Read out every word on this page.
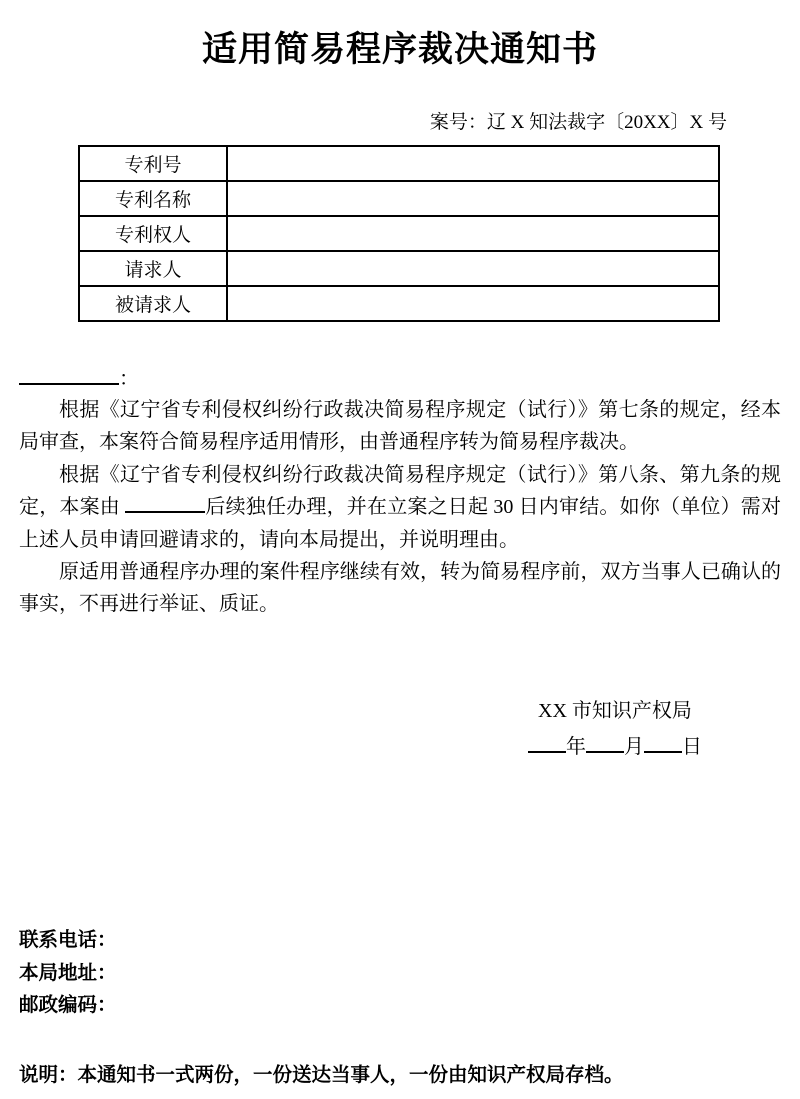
适用简易程序裁决通知书
案号：辽 X 知法裁字〔20XX〕X 号
专利号	
专利名称	
专利权人	
请求人	
被请求人	
：

根据《辽宁省专利侵权纠纷行政裁决简易程序规定（试行）》第七条的规定，经本局审查，本案符合简易程序适用情形，由普通程序转为简易程序裁决。

根据《辽宁省专利侵权纠纷行政裁决简易程序规定（试行）》第八条、第九条的规定，本案由	后续独任办理，并在立案之日起 30 日内审结。如你（单位）需对上述人员申请回避请求的，请向本局提出，并说明理由。

原适用普通程序办理的案件程序继续有效，转为简易程序前，双方当事人已确认的事实，不再进行举证、质证。

XX 市知识产权局
年 月 日
联系电话：
本局地址：
邮政编码：
说明：本通知书一式两份，一份送达当事人，一份由知识产权局存档。
